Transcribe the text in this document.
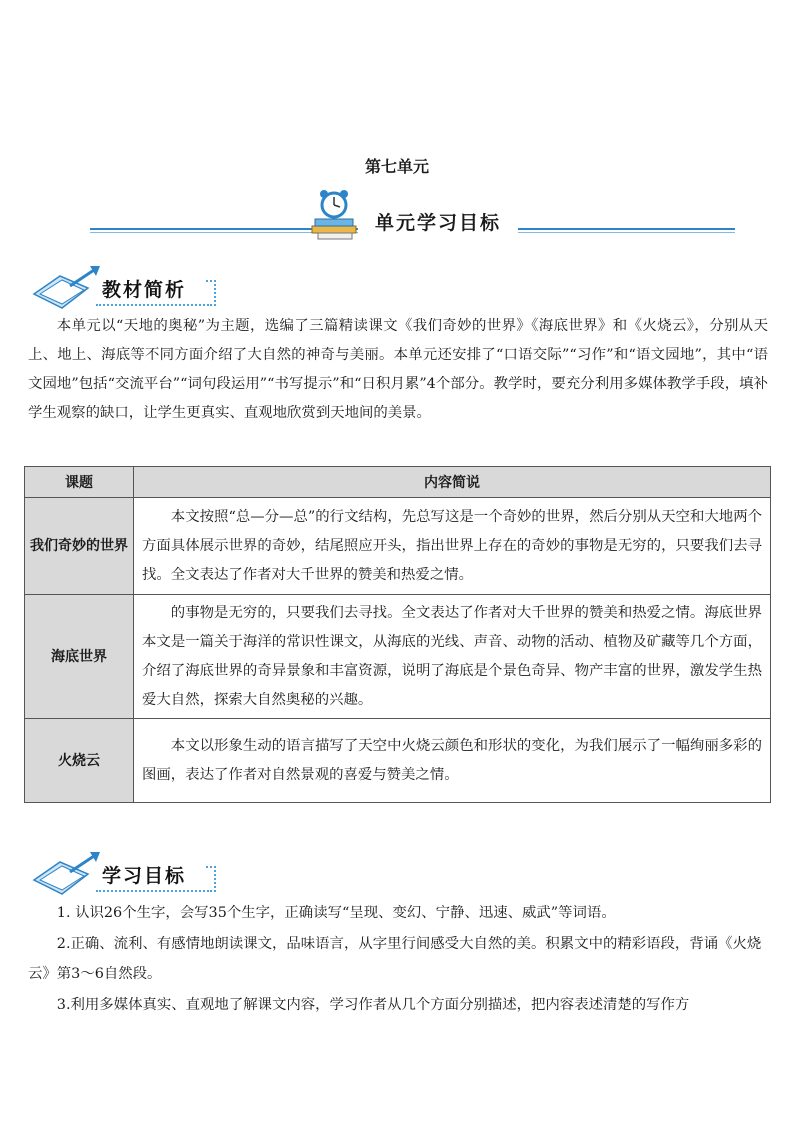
第七单元
单元学习目标
教材简析
本单元以“天地的奥秘”为主题，选编了三篇精读课文《我们奇妙的世界》《海底世界》和《火烧云》，分别从天上、地上、海底等不同方面介绍了大自然的神奇与美丽。本单元还安排了“口语交际”“习作”和“语文园地”，其中“语文园地”包括“交流平台”“词句段运用”“书写提示”和“日积月累”4个部分。教学时，要充分利用多媒体教学手段，填补学生观察的缺口，让学生更真实、直观地欣赏到天地间的美景。
课题	内容简说
我们奇妙的世界	本文按照“总—分—总”的行文结构，先总写这是一个奇妙的世界，然后分别从天空和大地两个方面具体展示世界的奇妙，结尾照应开头，指出世界上存在的奇妙的事物是无穷的，只要我们去寻找。全文表达了作者对大千世界的赞美和热爱之情。
海底世界	的事物是无穷的，只要我们去寻找。全文表达了作者对大千世界的赞美和热爱之情。海底世界本文是一篇关于海洋的常识性课文，从海底的光线、声音、动物的活动、植物及矿藏等几个方面，介绍了海底世界的奇异景象和丰富资源，说明了海底是个景色奇异、物产丰富的世界，激发学生热爱大自然，探索大自然奥秘的兴趣。
火烧云	本文以形象生动的语言描写了天空中火烧云颜色和形状的变化，为我们展示了一幅绚丽多彩的图画，表达了作者对自然景观的喜爱与赞美之情。
学习目标
1. 认识26个生字，会写35个生字，正确读写“呈现、变幻、宁静、迅速、威武”等词语。
2.正确、流利、有感情地朗读课文，品味语言，从字里行间感受大自然的美。积累文中的精彩语段，背诵《火烧云》第3～6自然段。
3.利用多媒体真实、直观地了解课文内容，学习作者从几个方面分别描述，把内容表述清楚的写作方
